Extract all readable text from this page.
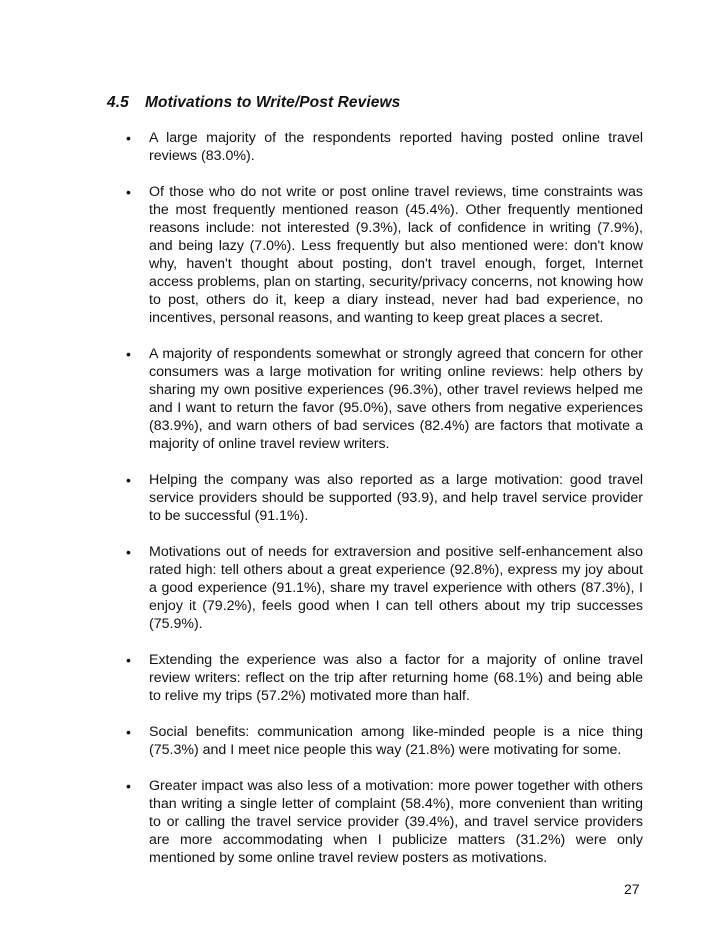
4.5 Motivations to Write/Post Reviews
• A large majority of the respondents reported having posted online travel reviews (83.0%).

• Of those who do not write or post online travel reviews, time constraints was the most frequently mentioned reason (45.4%). Other frequently mentioned reasons include: not interested (9.3%), lack of confidence in writing (7.9%), and being lazy (7.0%). Less frequently but also mentioned were: don't know why, haven't thought about posting, don't travel enough, forget, Internet access problems, plan on starting, security/privacy concerns, not knowing how to post, others do it, keep a diary instead, never had bad experience, no incentives, personal reasons, and wanting to keep great places a secret.

• A majority of respondents somewhat or strongly agreed that concern for other consumers was a large motivation for writing online reviews: help others by sharing my own positive experiences (96.3%), other travel reviews helped me and I want to return the favor (95.0%), save others from negative experiences (83.9%), and warn others of bad services (82.4%) are factors that motivate a majority of online travel review writers.

• Helping the company was also reported as a large motivation: good travel service providers should be supported (93.9), and help travel service provider to be successful (91.1%).

• Motivations out of needs for extraversion and positive self-enhancement also rated high: tell others about a great experience (92.8%), express my joy about a good experience (91.1%), share my travel experience with others (87.3%), I enjoy it (79.2%), feels good when I can tell others about my trip successes (75.9%).

• Extending the experience was also a factor for a majority of online travel review writers: reflect on the trip after returning home (68.1%) and being able to relive my trips (57.2%) motivated more than half.

• Social benefits: communication among like-minded people is a nice thing (75.3%) and I meet nice people this way (21.8%) were motivating for some.

• Greater impact was also less of a motivation: more power together with others than writing a single letter of complaint (58.4%), more convenient than writing to or calling the travel service provider (39.4%), and travel service providers are more accommodating when I publicize matters (31.2%) were only mentioned by some online travel review posters as motivations.

27
